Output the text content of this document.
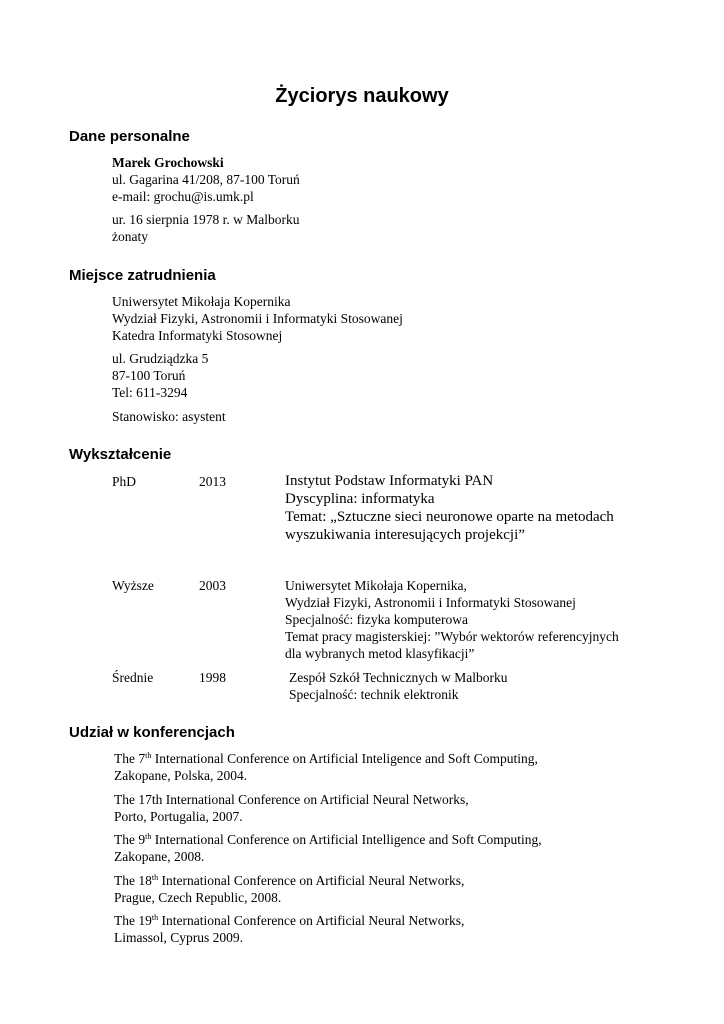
Życiorys naukowy
Dane personalne
Marek Grochowski
ul. Gagarina 41/208, 87-100 Toruń
e-mail: grochu@is.umk.pl
ur. 16 sierpnia 1978 r. w Malborku
żonaty
Miejsce zatrudnienia
Uniwersytet Mikołaja Kopernika
Wydział Fizyki, Astronomii i Informatyki Stosowanej
Katedra Informatyki Stosownej
ul. Grudziądzka 5
87-100 Toruń
Tel: 611-3294
Stanowisko: asystent
Wykształcenie
PhD	2013	Instytut Podstaw Informatyki PAN
Dyscyplina: informatyka
Temat: „Sztuczne sieci neuronowe oparte na metodach
wyszukiwania interesujących projekcji”
Wyższe	2003	Uniwersytet Mikołaja Kopernika,
Wydział Fizyki, Astronomii i Informatyki Stosowanej
Specjalność: fizyka komputerowa
Temat pracy magisterskiej: ”Wybór wektorów referencyjnych
dla wybranych metod klasyfikacji”
Średnie	1998	Zespół Szkół Technicznych w Malborku
Specjalność: technik elektronik
Udział w konferencjach
The 7th International Conference on Artificial Inteligence and Soft Computing,
Zakopane, Polska, 2004.
The 17th International Conference on Artificial Neural Networks,
Porto, Portugalia, 2007.
The 9th International Conference on Artificial Intelligence and Soft Computing,
Zakopane, 2008.
The 18th International Conference on Artificial Neural Networks,
Prague, Czech Republic, 2008.
The 19th International Conference on Artificial Neural Networks,
Limassol, Cyprus 2009.
